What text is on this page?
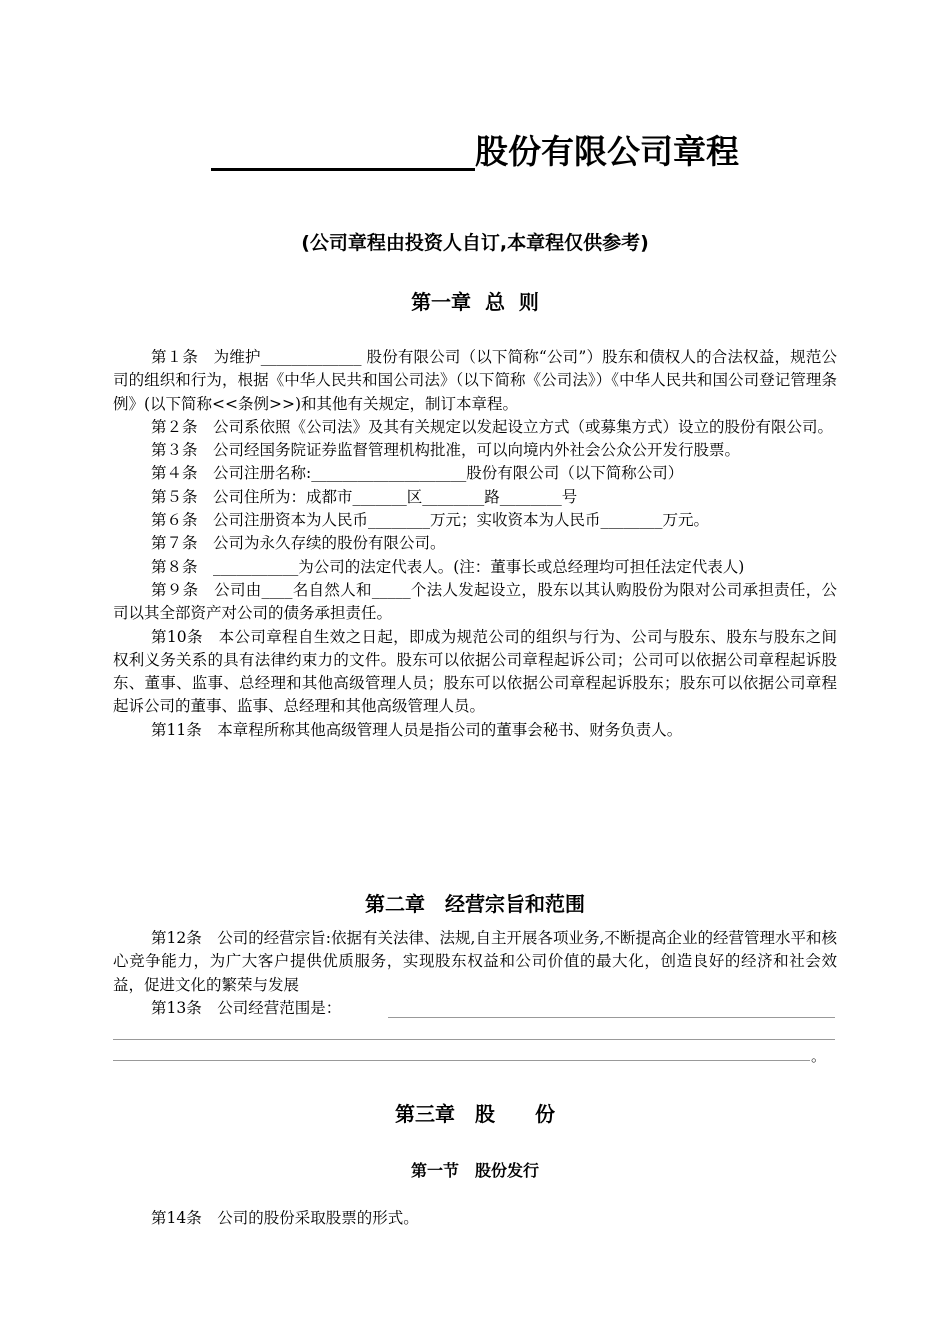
________________股份有限公司章程
(公司章程由投资人自订,本章程仅供参考)
第一章  总  则

第１条　为维护_____________ 股份有限公司（以下简称“公司”）股东和债权人的合法权益，规范公司的组织和行为，根据《中华人民共和国公司法》（以下简称《公司法》）《中华人民共和国公司登记管理条例》(以下简称<<条例>>)和其他有关规定，制订本章程。

第２条　公司系依照《公司法》及其有关规定以发起设立方式（或募集方式）设立的股份有限公司。

第３条　公司经国务院证券监督管理机构批准，可以向境内外社会公众公开发行股票。

第４条　公司注册名称:____________________股份有限公司（以下简称公司）

第５条　公司住所为：成都市_______区________路________号

第６条　公司注册资本为人民币________万元；实收资本为人民币________万元。

第７条　公司为永久存续的股份有限公司。

第８条　___________为公司的法定代表人。(注：董事长或总经理均可担任法定代表人)

第９条　公司由____名自然人和_____个法人发起设立，股东以其认购股份为限对公司承担责任，公司以其全部资产对公司的债务承担责任。

第10条　本公司章程自生效之日起，即成为规范公司的组织与行为、公司与股东、股东与股东之间权利义务关系的具有法律约束力的文件。股东可以依据公司章程起诉公司；公司可以依据公司章程起诉股东、董事、监事、总经理和其他高级管理人员；股东可以依据公司章程起诉股东；股东可以依据公司章程起诉公司的董事、监事、总经理和其他高级管理人员。

第11条　本章程所称其他高级管理人员是指公司的董事会秘书、财务负责人。

第二章　经营宗旨和范围

第12条　公司的经营宗旨:依据有关法律、法规,自主开展各项业务,不断提高企业的经营管理水平和核心竞争能力，为广大客户提供优质服务，实现股东权益和公司价值的最大化，创造良好的经济和社会效益，促进文化的繁荣与发展

第13条　公司经营范围是：

。
第三章　股　　份
第一节　股份发行

第14条　公司的股份采取股票的形式。
